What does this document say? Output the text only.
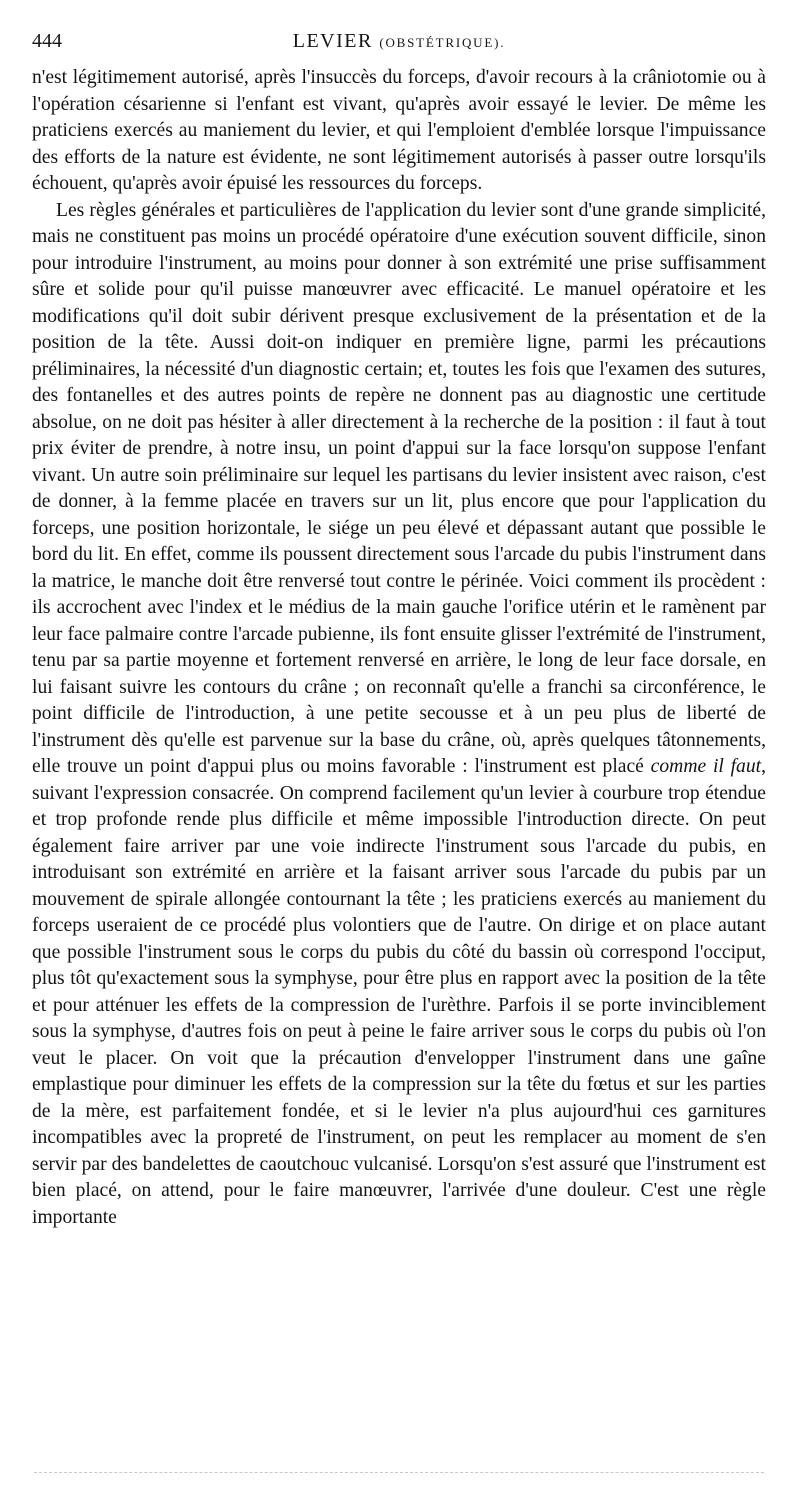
444	LEVIER (OBSTÉTRIQUE).

n'est légitimement autorisé, après l'insuccès du forceps, d'avoir recours à la crâniotomie ou à l'opération césarienne si l'enfant est vivant, qu'après avoir essayé le levier. De même les praticiens exercés au maniement du levier, et qui l'emploient d'emblée lorsque l'impuissance des efforts de la nature est évidente, ne sont légitimement autorisés à passer outre lorsqu'ils échouent, qu'après avoir épuisé les ressources du forceps.

Les règles générales et particulières de l'application du levier sont d'une grande simplicité, mais ne constituent pas moins un procédé opératoire d'une exécution souvent difficile, sinon pour introduire l'instrument, au moins pour donner à son extrémité une prise suffisamment sûre et solide pour qu'il puisse manœuvrer avec efficacité. Le manuel opératoire et les modifications qu'il doit subir dérivent presque exclusivement de la présentation et de la position de la tête. Aussi doit-on indiquer en première ligne, parmi les précautions préliminaires, la nécessité d'un diagnostic certain; et, toutes les fois que l'examen des sutures, des fontanelles et des autres points de repère ne donnent pas au diagnostic une certitude absolue, on ne doit pas hésiter à aller directement à la recherche de la position : il faut à tout prix éviter de prendre, à notre insu, un point d'appui sur la face lorsqu'on suppose l'enfant vivant. Un autre soin préliminaire sur lequel les partisans du levier insistent avec raison, c'est de donner, à la femme placée en travers sur un lit, plus encore que pour l'application du forceps, une position horizontale, le siége un peu élevé et dépassant autant que possible le bord du lit. En effet, comme ils poussent directement sous l'arcade du pubis l'instrument dans la matrice, le manche doit être renversé tout contre le périnée. Voici comment ils procèdent : ils accrochent avec l'index et le médius de la main gauche l'orifice utérin et le ramènent par leur face palmaire contre l'arcade pubienne, ils font ensuite glisser l'extrémité de l'instrument, tenu par sa partie moyenne et fortement renversé en arrière, le long de leur face dorsale, en lui faisant suivre les contours du crâne ; on reconnaît qu'elle a franchi sa circonférence, le point difficile de l'introduction, à une petite secousse et à un peu plus de liberté de l'instrument dès qu'elle est parvenue sur la base du crâne, où, après quelques tâtonnements, elle trouve un point d'appui plus ou moins favorable : l'instrument est placé comme il faut, suivant l'expression consacrée. On comprend facilement qu'un levier à courbure trop étendue et trop profonde rende plus difficile et même impossible l'introduction directe. On peut également faire arriver par une voie indirecte l'instrument sous l'arcade du pubis, en introduisant son extrémité en arrière et la faisant arriver sous l'arcade du pubis par un mouvement de spirale allongée contournant la tête ; les praticiens exercés au maniement du forceps useraient de ce procédé plus volontiers que de l'autre. On dirige et on place autant que possible l'instrument sous le corps du pubis du côté du bassin où correspond l'occiput, plus tôt qu'exactement sous la symphyse, pour être plus en rapport avec la position de la tête et pour atténuer les effets de la compression de l'urèthre. Parfois il se porte invinciblement sous la symphyse, d'autres fois on peut à peine le faire arriver sous le corps du pubis où l'on veut le placer. On voit que la précaution d'envelopper l'instrument dans une gaîne emplastique pour diminuer les effets de la compression sur la tête du fœtus et sur les parties de la mère, est parfaitement fondée, et si le levier n'a plus aujourd'hui ces garnitures incompatibles avec la propreté de l'instrument, on peut les remplacer au moment de s'en servir par des bandelettes de caoutchouc vulcanisé. Lorsqu'on s'est assuré que l'instrument est bien placé, on attend, pour le faire manœuvrer, l'arrivée d'une douleur. C'est une règle importante
